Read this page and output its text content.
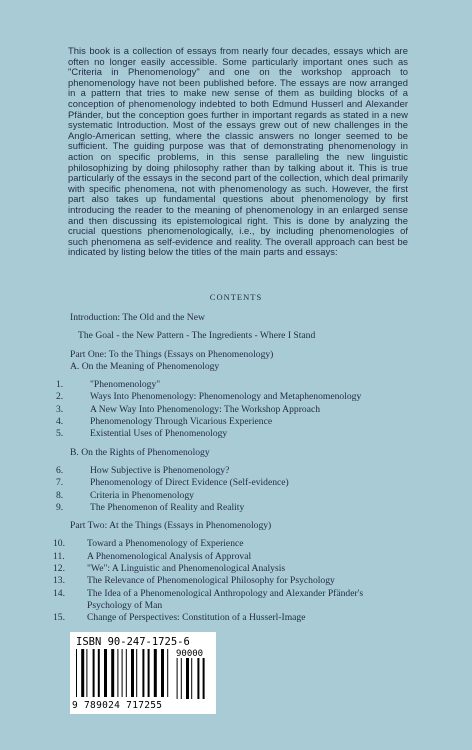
This book is a collection of essays from nearly four decades, essays which are often no longer easily accessible. Some particularly important ones such as "Criteria in Phenomenology" and one on the workshop approach to phenomenology have not been published before. The essays are now arranged in a pattern that tries to make new sense of them as building blocks of a conception of phenomenology indebted to both Edmund Husserl and Alexander Pfänder, but the conception goes further in important regards as stated in a new systematic Introduction. Most of the essays grew out of new challenges in the Anglo-American setting, where the classic answers no longer seemed to be sufficient. The guiding purpose was that of demonstrating phenomenology in action on specific problems, in this sense paralleling the new linguistic philosophizing by doing philosophy rather than by talking about it. This is true particularly of the essays in the second part of the collection, which deal primarily with specific phenomena, not with phenomenology as such. However, the first part also takes up fundamental questions about phenomenology by first introducing the reader to the meaning of phenomenology in an enlarged sense and then discussing its epistemological right. This is done by analyzing the crucial questions phenomenologically, i.e., by including phenomenologies of such phenomena as self-evidence and reality. The overall approach can best be indicated by listing below the titles of the main parts and essays:
CONTENTS
Introduction: The Old and the New
The Goal - the New Pattern - The Ingredients - Where I Stand
Part One: To the Things (Essays on Phenomenology)
A. On the Meaning of Phenomenology
1.	"Phenomenology"
2.	Ways Into Phenomenology: Phenomenology and Metaphenomenology
3.	A New Way Into Phenomenology: The Workshop Approach
4.	Phenomenology Through Vicarious Experience
5.	Existential Uses of Phenomenology
B. On the Rights of Phenomenology
6.	How Subjective is Phenomenology?
7.	Phenomenology of Direct Evidence (Self-evidence)
8.	Criteria in Phenomenology
9.	The Phenomenon of Reality and Reality
Part Two: At the Things (Essays in Phenomenology)
10. Toward a Phenomenology of Experience
11. A Phenomenological Analysis of Approval
12. "We": A Linguistic and Phenomenological Analysis
13. The Relevance of Phenomenological Philosophy for Psychology
14. The Idea of a Phenomenological Anthropology and Alexander Pfänder's Psychology of Man
15. Change of Perspectives: Constitution of a Husserl-Image
ISBN 90-247-1725-6
90000
9 789024 717255
